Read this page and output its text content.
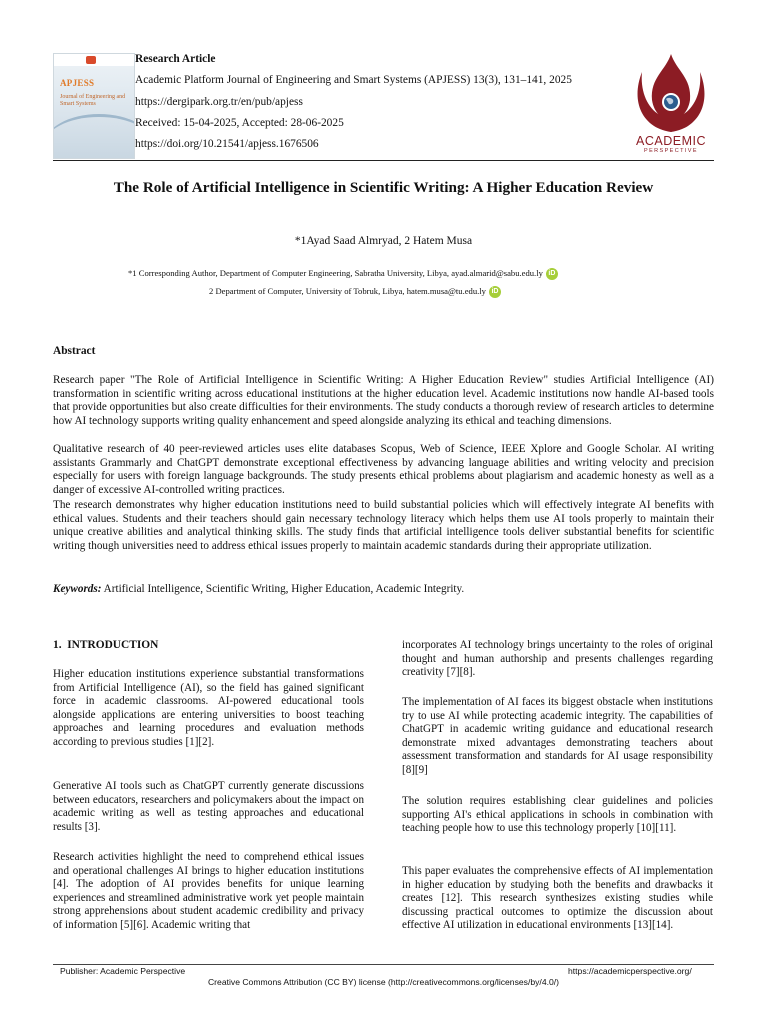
APJESS
Journal of Engineering and Smart Systems
Research Article
Academic Platform Journal of Engineering and Smart Systems (APJESS) 13(3), 131–141, 2025
https://dergipark.org.tr/en/pub/apjess
Received: 15-04-2025, Accepted: 28-06-2025
https://doi.org/10.21541/apjess.1676506	ACADEMIC
PERSPECTIVE
The Role of Artificial Intelligence in Scientific Writing: A Higher Education Review
*1Ayad Saad Almryad, 2 Hatem Musa
*1 Corresponding Author, Department of Computer Engineering, Sabratha University, Libya, ayad.almarid@sabu.edu.ly iD
2 Department of Computer, University of Tobruk, Libya, hatem.musa@tu.edu.ly iD
Abstract

Research paper "The Role of Artificial Intelligence in Scientific Writing: A Higher Education Review" studies Artificial Intelligence (AI) transformation in scientific writing across educational institutions at the higher education level. Academic institutions now handle AI-based tools that provide opportunities but also create difficulties for their environments. The study conducts a thorough review of research articles to determine how AI technology supports writing quality enhancement and speed alongside analyzing its ethical and teaching dimensions.

Qualitative research of 40 peer-reviewed articles uses elite databases Scopus, Web of Science, IEEE Xplore and Google Scholar. AI writing assistants Grammarly and ChatGPT demonstrate exceptional effectiveness by advancing language abilities and writing velocity and precision especially for users with foreign language backgrounds. The study presents ethical problems about plagiarism and academic honesty as well as a danger of excessive AI-controlled writing practices.

The research demonstrates why higher education institutions need to build substantial policies which will effectively integrate AI benefits with ethical values. Students and their teachers should gain necessary technology literacy which helps them use AI tools properly to maintain their unique creative abilities and analytical thinking skills. The study finds that artificial intelligence tools deliver substantial benefits for scientific writing though universities need to address ethical issues properly to maintain academic standards during their appropriate utilization.

Keywords: Artificial Intelligence, Scientific Writing, Higher Education, Academic Integrity.
1.  INTRODUCTION

Higher education institutions experience substantial transformations from Artificial Intelligence (AI), so the field has gained significant force in academic classrooms. AI-powered educational tools alongside applications are entering universities to boost teaching approaches and learning procedures and evaluation methods according to previous studies [1][2].

Generative AI tools such as ChatGPT currently generate discussions between educators, researchers and policymakers about the impact on academic writing as well as testing approaches and educational results [3].

Research activities highlight the need to comprehend ethical issues and operational challenges AI brings to higher education institutions [4]. The adoption of AI provides benefits for unique learning experiences and streamlined administrative work yet people maintain strong apprehensions about student academic credibility and privacy of information [5][6]. Academic writing that

incorporates AI technology brings uncertainty to the roles of original thought and human authorship and presents challenges regarding creativity [7][8].

The implementation of AI faces its biggest obstacle when institutions try to use AI while protecting academic integrity. The capabilities of ChatGPT in academic writing guidance and educational research demonstrate mixed advantages demonstrating teachers about assessment transformation and standards for AI usage responsibility [8][9]

The solution requires establishing clear guidelines and policies supporting AI's ethical applications in schools in combination with teaching people how to use this technology properly [10][11].

This paper evaluates the comprehensive effects of AI implementation in higher education by studying both the benefits and drawbacks it creates [12]. This research synthesizes existing studies while discussing practical outcomes to optimize the discussion about effective AI utilization in educational environments [13][14].

Publisher: Academic Perspective	https://academicperspective.org/
Creative Commons Attribution (CC BY) license (http://creativecommons.org/licenses/by/4.0/)
